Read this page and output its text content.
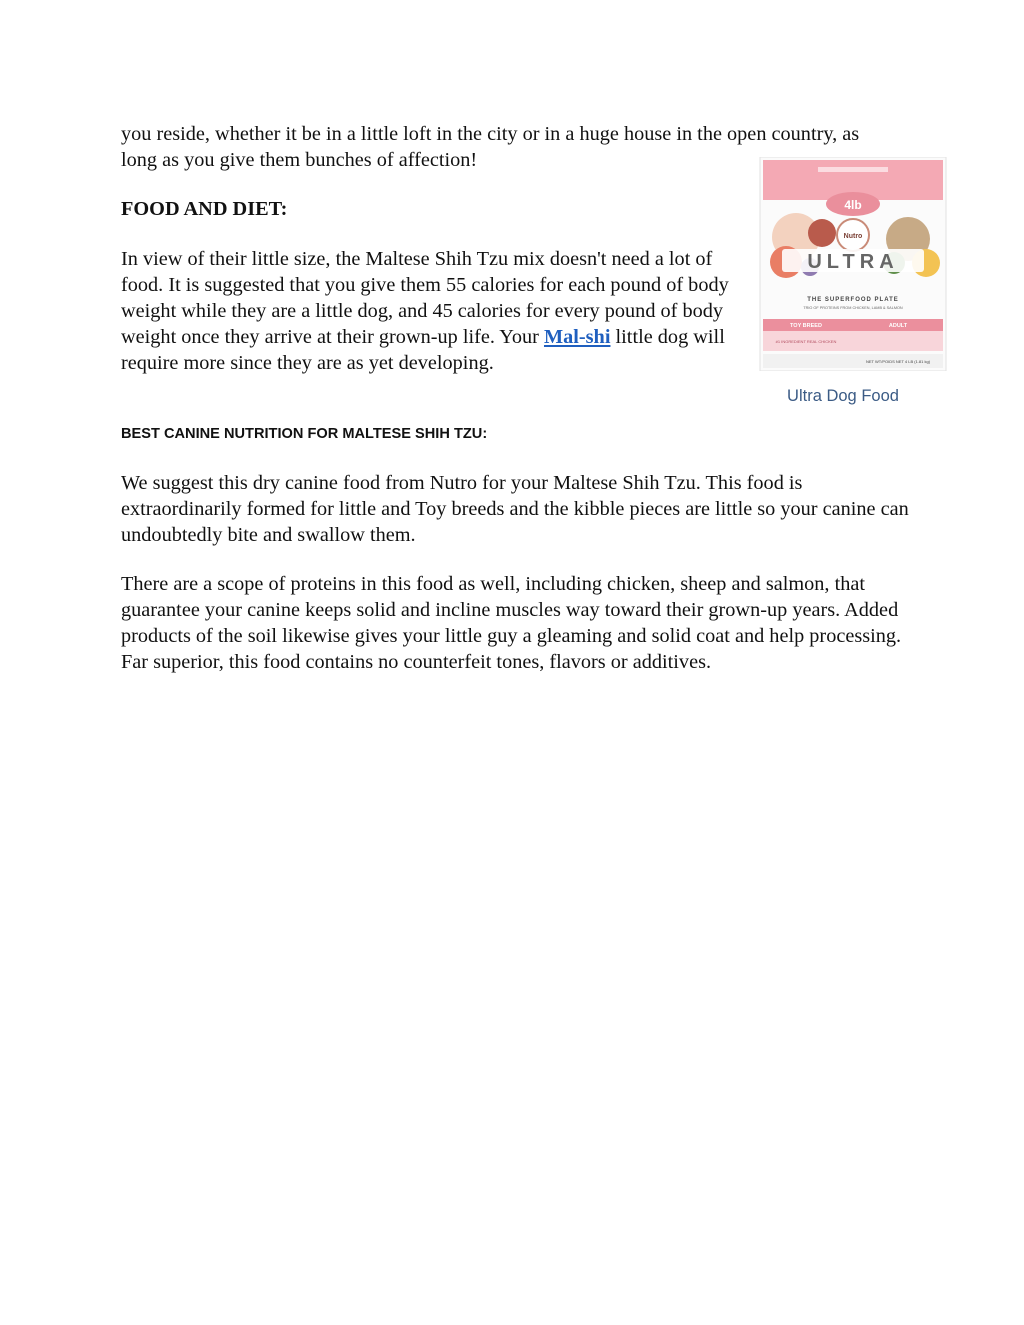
you reside, whether it be in a little loft in the city or in a huge house in the open country, as long as you give them bunches of affection!

FOOD AND DIET:

In view of their little size, the Maltese Shih Tzu mix doesn't need a lot of food. It is suggested that you give them 55 calories for each pound of body weight while they are a little dog, and 45 calories for every pound of body weight once they arrive at their grown-up life. Your Mal-shi little dog will require more since they are as yet developing.

4lb
Nutro
ULTRA
THE SUPERFOOD PLATE
TRIO OF PROTEINS FROM CHICKEN, LAMB & SALMON
TOY BREED	ADULT
#1 INGREDIENT REAL CHICKEN
NET WT/POIDS NET 4 LB (1.81 kg)
Ultra Dog Food
BEST CANINE NUTRITION FOR MALTESE SHIH TZU:

We suggest this dry canine food from Nutro for your Maltese Shih Tzu. This food is extraordinarily formed for little and Toy breeds and the kibble pieces are little so your canine can undoubtedly bite and swallow them.

There are a scope of proteins in this food as well, including chicken, sheep and salmon, that guarantee your canine keeps solid and incline muscles way toward their grown-up years. Added products of the soil likewise gives your little guy a gleaming and solid coat and help processing. Far superior, this food contains no counterfeit tones, flavors or additives.
